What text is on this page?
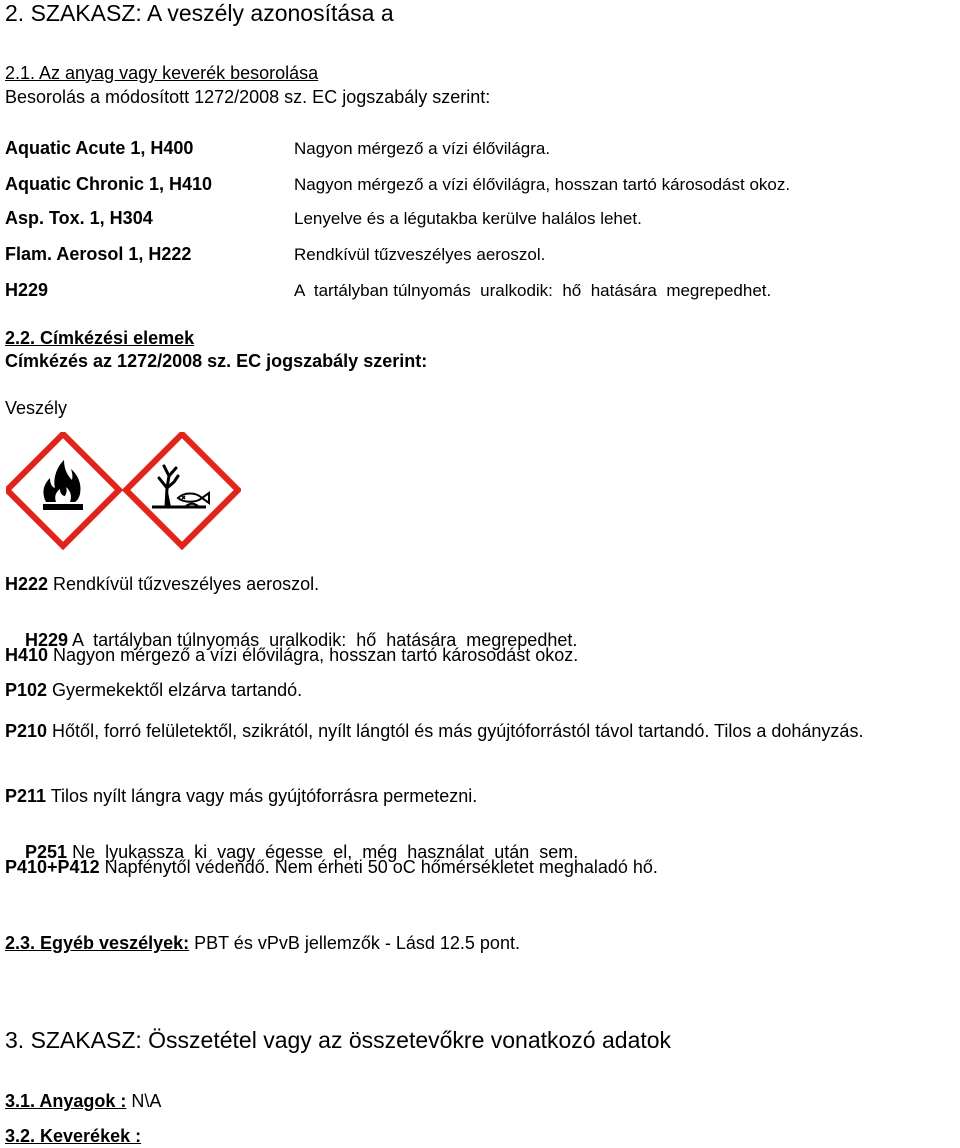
2. SZAKASZ: A veszély azonosítása a
2.1. Az anyag vagy keverék besorolása
Besorolás a módosított 1272/2008 sz. EC jogszabály szerint:
Aquatic Acute 1, H400	Nagyon mérgező a vízi élővilágra.
Aquatic Chronic 1, H410	Nagyon mérgező a vízi élővilágra, hosszan tartó károsodást okoz.
Asp. Tox. 1, H304	Lenyelve és a légutakba kerülve halálos lehet.
Flam. Aerosol 1, H222	Rendkívül tűzveszélyes aeroszol.
H229	A  tartályban túlnyomás  uralkodik:  hő  hatására  megrepedhet.
2.2. Címkézési elemek
Címkézés az 1272/2008 sz. EC jogszabály szerint:
Veszély
H222 Rendkívül tűzveszélyes aeroszol.

H229 A  tartályban túlnyomás  uralkodik:  hő  hatására  megrepedhet.

H410 Nagyon mérgező a vízi élővilágra, hosszan tartó károsodást okoz.
P102 Gyermekektől elzárva tartandó.
P210 Hőtől, forró felületektől, szikrától, nyílt lángtól és más gyújtóforrástól távol tartandó. Tilos a dohányzás.
P211 Tilos nyílt lángra vagy más gyújtóforrásra permetezni.

P251 Ne  lyukassza  ki  vagy  égesse  el,  még  használat  után  sem.

P410+P412 Napfénytől védendő. Nem érheti 50 oC hőmérsékletet meghaladó hő.
2.3. Egyéb veszélyek: PBT és vPvB jellemzők - Lásd 12.5 pont.
3. SZAKASZ: Összetétel vagy az összetevőkre vonatkozó adatok
3.1. Anyagok : N\A
3.2. Keverékek :
